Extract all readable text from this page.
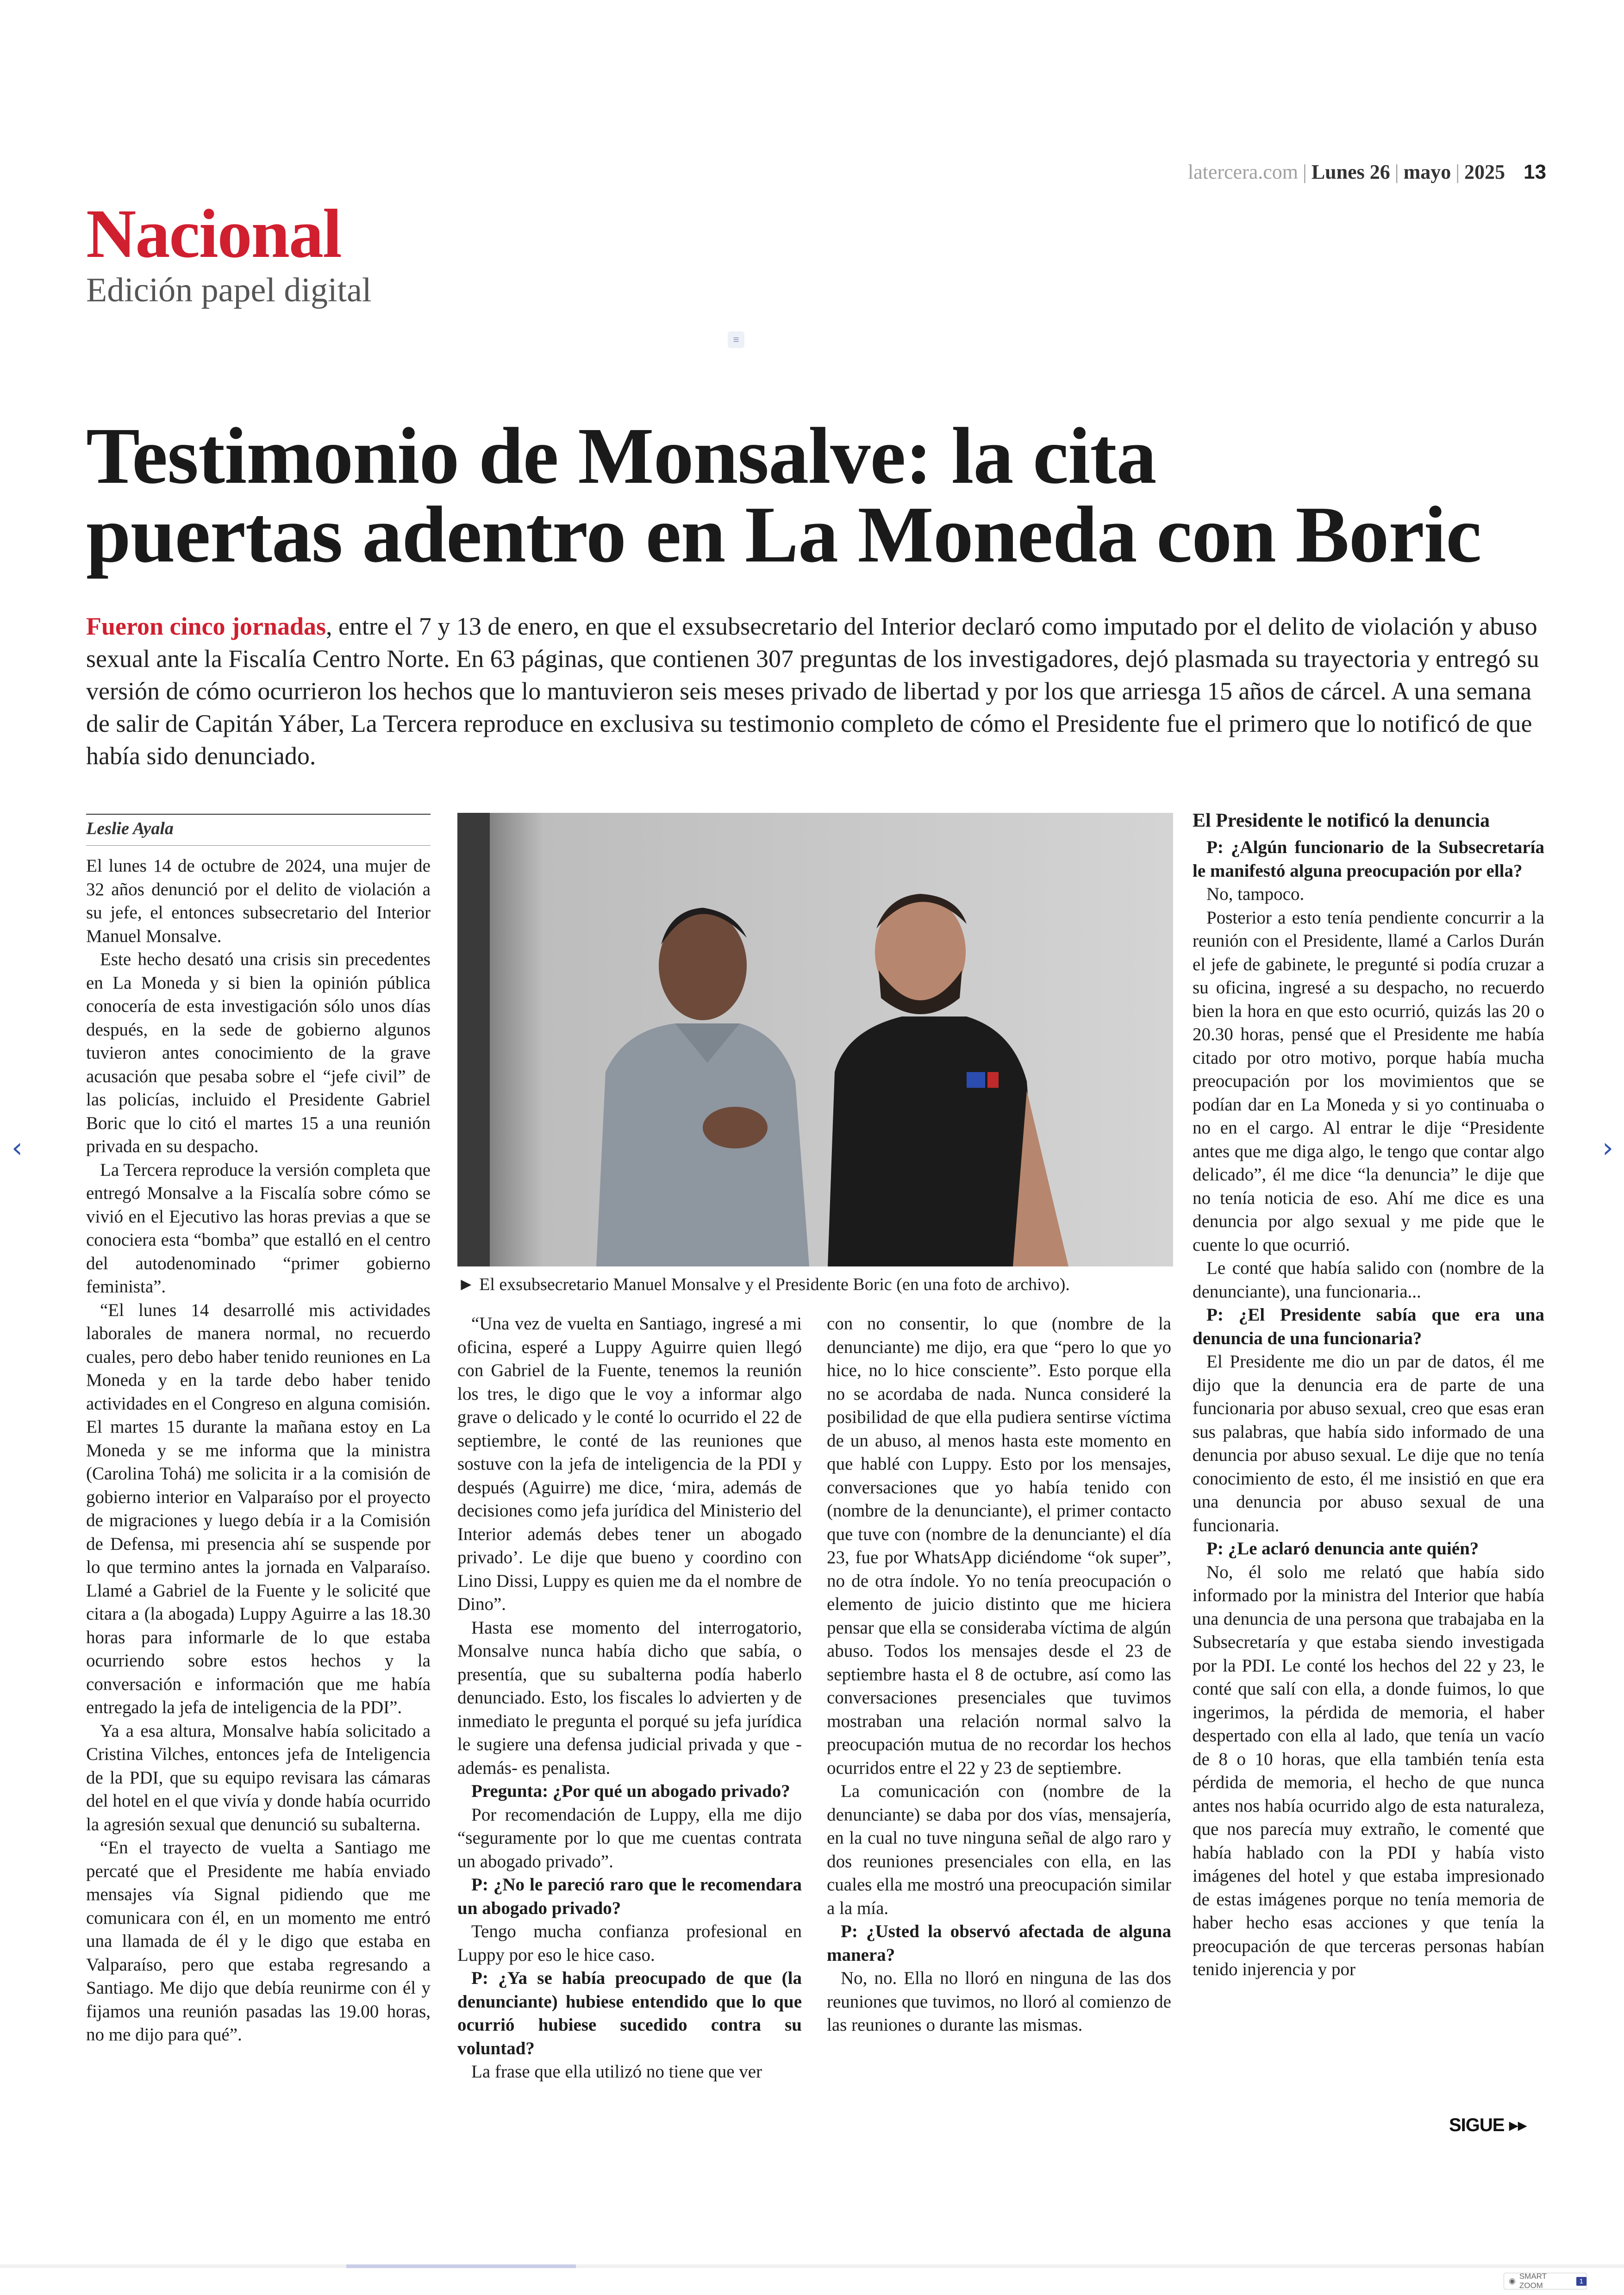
latercera.com | Lunes 26 | mayo | 2025 13
Nacional
Edición papel digital
≡
Testimonio de Monsalve: la cita
puertas adentro en La Moneda con Boric

Fueron cinco jornadas, entre el 7 y 13 de enero, en que el exsubsecretario del Interior declaró como imputado por el delito de violación y abuso sexual ante la Fiscalía Centro Norte. En 63 páginas, que contienen 307 preguntas de los investigadores, dejó plasmada su trayectoria y entregó su versión de cómo ocurrieron los hechos que lo mantuvieron seis meses privado de libertad y por los que arriesga 15 años de cárcel. A una semana de salir de Capitán Yáber, La Tercera reproduce en exclusiva su testimonio completo de cómo el Presidente fue el primero que lo notificó de que había sido denunciado.

Leslie Ayala

El lunes 14 de octubre de 2024, una mujer de 32 años denunció por el delito de violación a su jefe, el entonces subsecretario del Interior Manuel Monsalve.

Este hecho desató una crisis sin precedentes en La Moneda y si bien la opinión pública conocería de esta investigación sólo unos días después, en la sede de gobierno algunos tuvieron antes conocimiento de la grave acusación que pesaba sobre el “jefe civil” de las policías, incluido el Presidente Gabriel Boric que lo citó el martes 15 a una reunión privada en su despacho.

La Tercera reproduce la versión completa que entregó Monsalve a la Fiscalía sobre cómo se vivió en el Ejecutivo las horas previas a que se conociera esta “bomba” que estalló en el centro del autodenominado “primer gobierno feminista”.

“El lunes 14 desarrollé mis actividades laborales de manera normal, no recuerdo cuales, pero debo haber tenido reuniones en La Moneda y en la tarde debo haber tenido actividades en el Congreso en alguna comisión. El martes 15 durante la mañana estoy en La Moneda y se me informa que la ministra (Carolina Tohá) me solicita ir a la comisión de gobierno interior en Valparaíso por el proyecto de migraciones y luego debía ir a la Comisión de Defensa, mi presencia ahí se suspende por lo que termino antes la jornada en Valparaíso. Llamé a Gabriel de la Fuente y le solicité que citara a (la abogada) Luppy Aguirre a las 18.30 horas para informarle de lo que estaba ocurriendo sobre estos hechos y la conversación e información que me había entregado la jefa de inteligencia de la PDI”.

Ya a esa altura, Monsalve había solicitado a Cristina Vilches, entonces jefa de Inteligencia de la PDI, que su equipo revisara las cámaras del hotel en el que vivía y donde había ocurrido la agresión sexual que denunció su subalterna.

“En el trayecto de vuelta a Santiago me percaté que el Presidente me había enviado mensajes vía Signal pidiendo que me comunicara con él, en un momento me entró una llamada de él y le digo que estaba en Valparaíso, pero que estaba regresando a Santiago. Me dijo que debía reunirme con él y fijamos una reunión pasadas las 19.00 horas, no me dijo para qué”.

► El exsubsecretario Manuel Monsalve y el Presidente Boric (en una foto de archivo).

“Una vez de vuelta en Santiago, ingresé a mi oficina, esperé a Luppy Aguirre quien llegó con Gabriel de la Fuente, tenemos la reunión los tres, le digo que le voy a informar algo grave o delicado y le conté lo ocurrido el 22 de septiembre, le conté de las reuniones que sostuve con la jefa de inteligencia de la PDI y después (Aguirre) me dice, ‘mira, además de decisiones como jefa jurídica del Ministerio del Interior además debes tener un abogado privado’. Le dije que bueno y coordino con Lino Dissi, Luppy es quien me da el nombre de Dino”.

Hasta ese momento del interrogatorio, Monsalve nunca había dicho que sabía, o presentía, que su subalterna podía haberlo denunciado. Esto, los fiscales lo advierten y de inmediato le pregunta el porqué su jefa jurídica le sugiere una defensa judicial privada y que -además- es penalista.

Pregunta: ¿Por qué un abogado privado?

Por recomendación de Luppy, ella me dijo “seguramente por lo que me cuentas contrata un abogado privado”.

P: ¿No le pareció raro que le recomendara un abogado privado?

Tengo mucha confianza profesional en Luppy por eso le hice caso.

P: ¿Ya se había preocupado de que (la denunciante) hubiese entendido que lo que ocurrió hubiese sucedido contra su voluntad?

La frase que ella utilizó no tiene que ver

con no consentir, lo que (nombre de la denunciante) me dijo, era que “pero lo que yo hice, no lo hice consciente”. Esto porque ella no se acordaba de nada. Nunca consideré la posibilidad de que ella pudiera sentirse víctima de un abuso, al menos hasta este momento en que hablé con Luppy. Esto por los mensajes, conversaciones que yo había tenido con (nombre de la denunciante), el primer contacto que tuve con (nombre de la denunciante) el día 23, fue por WhatsApp diciéndome “ok super”, no de otra índole. Yo no tenía preocupación o elemento de juicio distinto que me hiciera pensar que ella se consideraba víctima de algún abuso. Todos los mensajes desde el 23 de septiembre hasta el 8 de octubre, así como las conversaciones presenciales que tuvimos mostraban una relación normal salvo la preocupación mutua de no recordar los hechos ocurridos entre el 22 y 23 de septiembre.

La comunicación con (nombre de la denunciante) se daba por dos vías, mensajería, en la cual no tuve ninguna señal de algo raro y dos reuniones presenciales con ella, en las cuales ella me mostró una preocupación similar a la mía.

P: ¿Usted la observó afectada de alguna manera?

No, no. Ella no lloró en ninguna de las dos reuniones que tuvimos, no lloró al comienzo de las reuniones o durante las mismas.

El Presidente le notificó la denuncia

P: ¿Algún funcionario de la Subsecretaría le manifestó alguna preocupación por ella?

No, tampoco.

Posterior a esto tenía pendiente concurrir a la reunión con el Presidente, llamé a Carlos Durán el jefe de gabinete, le pregunté si podía cruzar a su oficina, ingresé a su despacho, no recuerdo bien la hora en que esto ocurrió, quizás las 20 o 20.30 horas, pensé que el Presidente me había citado por otro motivo, porque había mucha preocupación por los movimientos que se podían dar en La Moneda y si yo continuaba o no en el cargo. Al entrar le dije “Presidente antes que me diga algo, le tengo que contar algo delicado”, él me dice “la denuncia” le dije que no tenía noticia de eso. Ahí me dice es una denuncia por algo sexual y me pide que le cuente lo que ocurrió.

Le conté que había salido con (nombre de la denunciante), una funcionaria...

P: ¿El Presidente sabía que era una denuncia de una funcionaria?

El Presidente me dio un par de datos, él me dijo que la denuncia era de parte de una funcionaria por abuso sexual, creo que esas eran sus palabras, que había sido informado de una denuncia por abuso sexual. Le dije que no tenía conocimiento de esto, él me insistió en que era una denuncia por abuso sexual de una funcionaria.

P: ¿Le aclaró denuncia ante quién?

No, él solo me relató que había sido informado por la ministra del Interior que había una denuncia de una persona que trabajaba en la Subsecretaría y que estaba siendo investigada por la PDI. Le conté los hechos del 22 y 23, le conté que salí con ella, a donde fuimos, lo que ingerimos, la pérdida de memoria, el haber despertado con ella al lado, que tenía un vacío de 8 o 10 horas, que ella también tenía esta pérdida de memoria, el hecho de que nunca antes nos había ocurrido algo de esta naturaleza, que nos parecía muy extraño, le comenté que había hablado con la PDI y había visto imágenes del hotel y que estaba impresionado de estas imágenes porque no tenía memoria de haber hecho esas acciones y que tenía la preocupación de que terceras personas habían tenido injerencia y por

SIGUE ▸▸
‹	›
◉
SMART ZOOM	1
